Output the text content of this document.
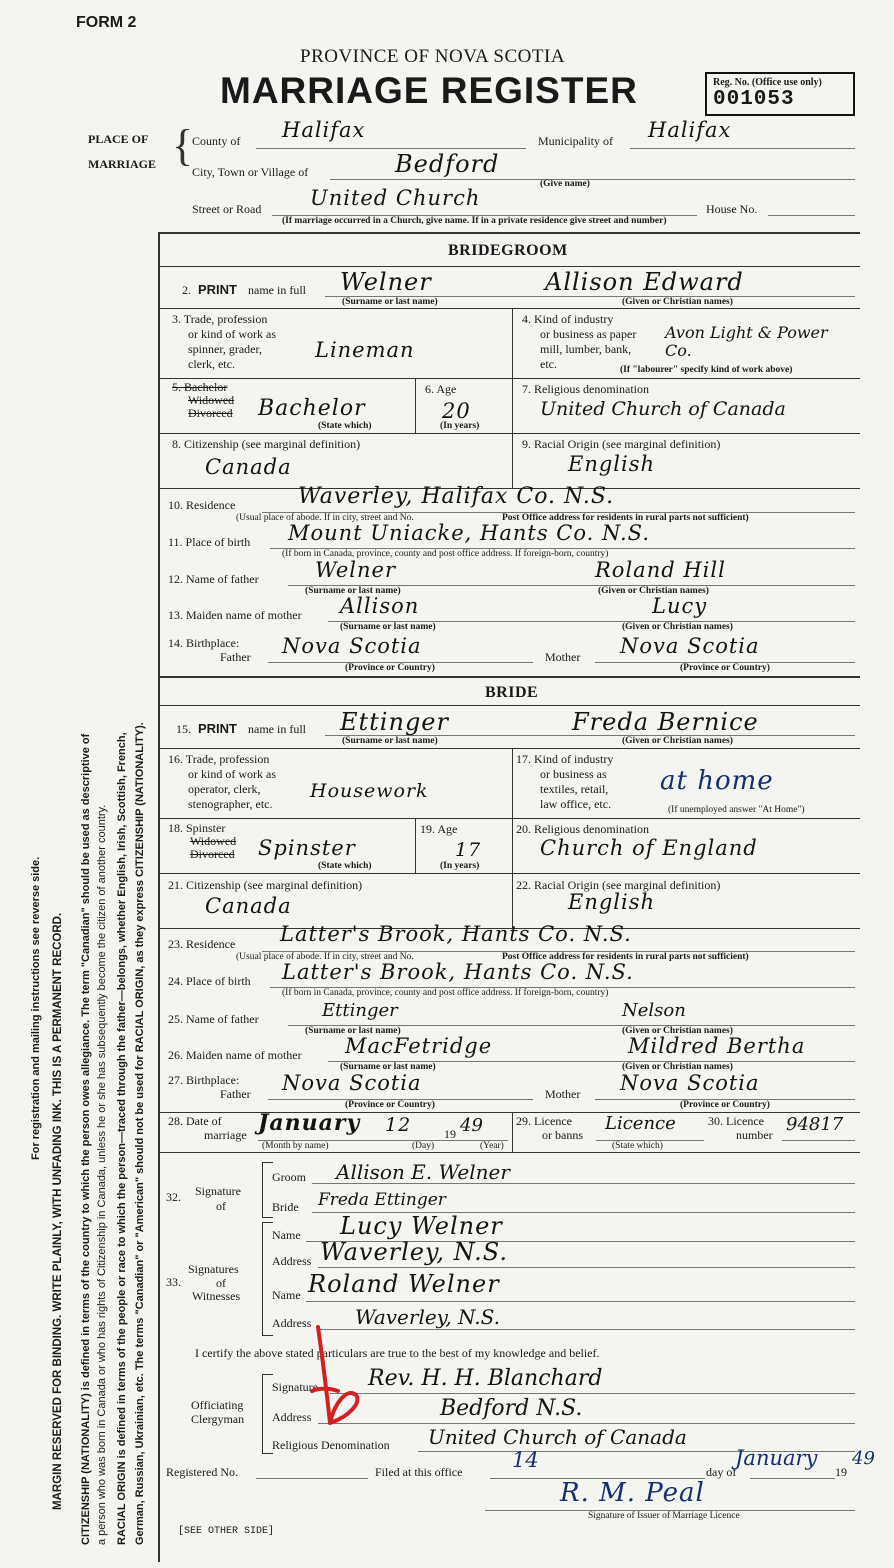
FORM 2
PROVINCE OF NOVA SCOTIA
MARRIAGE REGISTER	Reg. No. (Office use only)
001053
For registration and mailing instructions see reverse side. MARGIN RESERVED FOR BINDING. WRITE PLAINLY, WITH UNFADING INK. THIS IS A PERMANENT RECORD. CITIZENSHIP (NATIONALITY) is defined in terms of the country to which the person owes allegiance. The term "Canadian" should be used as descriptive of a person who was born in Canada or who has rights of Citizenship in Canada, unless he or she has subsequently become the citizen of another country. RACIAL ORIGIN is defined in terms of the people or race to which the person—traced through the father—belongs, whether English, Irish, Scottish, French, German, Russian, Ukrainian, etc. The terms "Canadian" or "American" should not be used for RACIAL ORIGIN, as they express CITIZENSHIP (NATIONALITY).
PLACE OF
MARRIAGE {
County of Halifax	Municipality of Halifax
City, Town or Village of	Bedford
(Give name)
Street or Road United Church	House No.
(If marriage occurred in a Church, give name. If in a private residence give street and number)
BRIDEGROOM
2. PRINT name in full Welner	Allison Edward
(Surname or last name)	(Given or Christian names)
3. Trade, profession
or kind of work as
spinner, grader,
clerk, etc.
Lineman
4. Kind of industry
or business as paper
mill, lumber, bank,
etc.
Avon Light & Power Co.
(If "labourer" specify kind of work above)
5. Bachelor
Widowed
Divorced Bachelor
(State which)
6. Age
20
(In years)
7. Religious denomination
United Church of Canada
8. Citizenship (see marginal definition)
Canada
9. Racial Origin (see marginal definition)
English
10. Residence	Waverley, Halifax Co. N.S.
(Usual place of abode. If in city, street and No.	Post Office address for residents in rural parts not sufficient)
11. Place of birth Mount Uniacke, Hants Co. N.S.
(If born in Canada, province, county and post office address. If foreign-born, country)
12. Name of father	Welner	Roland Hill
(Surname or last name)	(Given or Christian names)
13. Maiden name of mother Allison	Lucy
(Surname or last name)	(Given or Christian names)
14. Birthplace:
Father Nova Scotia	Mother Nova Scotia
(Province or Country)	(Province or Country)
BRIDE
15. PRINT name in full Ettinger	Freda Bernice
(Surname or last name)	(Given or Christian names)
16. Trade, profession
or kind of work as
operator, clerk,
stenographer, etc.
Housework
17. Kind of industry
or business as
textiles, retail,
law office, etc.
at home
(If unemployed answer "At Home")
18. Spinster
Widowed
Divorced Spinster
(State which)
19. Age
17
(In years)
20. Religious denomination
Church of England
21. Citizenship (see marginal definition)
Canada
22. Racial Origin (see marginal definition)
English
23. Residence Latter's Brook, Hants Co. N.S.
(Usual place of abode. If in city, street and No.	Post Office address for residents in rural parts not sufficient)
24. Place of birth Latter's Brook, Hants Co. N.S.
(If born in Canada, province, county and post office address. If foreign-born, country)
25. Name of father	Ettinger	Nelson
(Surname or last name)	(Given or Christian names)
26. Maiden name of mother MacFetridge	Mildred Bertha
(Surname or last name)	(Given or Christian names)
27. Birthplace:
Father Nova Scotia	Mother Nova Scotia
(Province or Country)	(Province or Country)
28. Date of
marriage January 12	19 49
(Month by name)	(Day)	(Year)
29. Licence
or banns
Licence
(State which)
30. Licence
number 94817
32. Signature
of
Groom Allison E. Welner
Bride Freda Ettinger
33.
Signatures
of
Witnesses
Name Lucy Welner
Address Waverley, N.S.
Name Roland Welner
Address Waverley, N.S.
I certify the above stated particulars are true to the best of my knowledge and belief.
Officiating
Clergyman
Signature Rev. H. H. Blanchard
Address	Bedford N.S.
Religious Denomination United Church of Canada
Registered No.	Filed at this office 14	day of
January
19
49
R. M. Peal
Signature of Issuer of Marriage Licence
[SEE OTHER SIDE]
